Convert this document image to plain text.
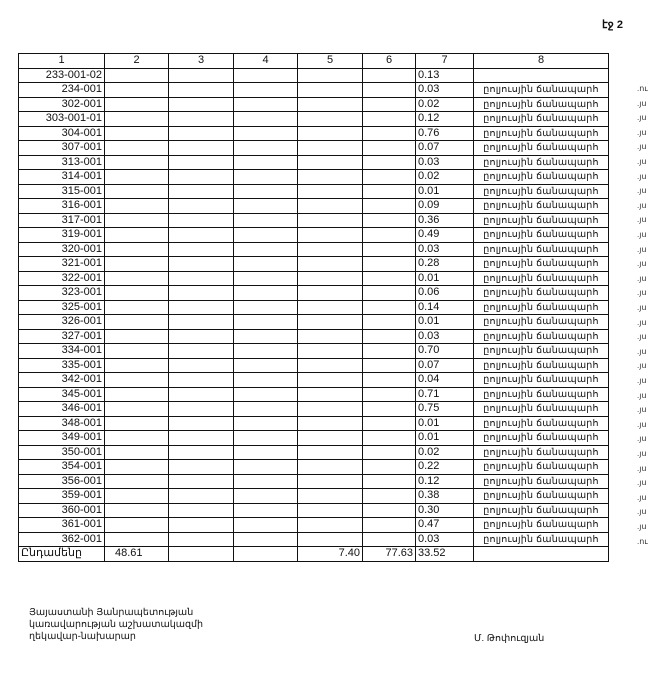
էջ 2
1	2	3	4	5	6	7	8
233-001-02						0.13	
234-001						0.03	ըոլյուսյին ճանապարհ
302-001						0.02	ըոլյուսյին ճանապարհ
303-001-01						0.12	ըոլյուսյին ճանապարհ
304-001						0.76	ըոլյուսյին ճանապարհ
307-001						0.07	ըոլյուսյին ճանապարհ
313-001						0.03	ըոլյուսյին ճանապարհ
314-001						0.02	ըոլյուսյին ճանապարհ
315-001						0.01	ըոլյուսյին ճանապարհ
316-001						0.09	ըոլյուսյին ճանապարհ
317-001						0.36	ըոլյուսյին ճանապարհ
319-001						0.49	ըոլյուսյին ճանապարհ
320-001						0.03	ըոլյուսյին ճանապարհ
321-001						0.28	ըոլյուսյին ճանապարհ
322-001						0.01	ըոլյուսյին ճանապարհ
323-001						0.06	ըոլյուսյին ճանապարհ
325-001						0.14	ըոլյուսյին ճանապարհ
326-001						0.01	ըոլյուսյին ճանապարհ
327-001						0.03	ըոլյուսյին ճանապարհ
334-001						0.70	ըոլյուսյին ճանապարհ
335-001						0.07	ըոլյուսյին ճանապարհ
342-001						0.04	ըոլյուսյին ճանապարհ
345-001						0.71	ըոլյուսյին ճանապարհ
346-001						0.75	ըոլյուսյին ճանապարհ
348-001						0.01	ըոլյուսյին ճանապարհ
349-001						0.01	ըոլյուսյին ճանապարհ
350-001						0.02	ըոլյուսյին ճանապարհ
354-001						0.22	ըոլյուսյին ճանապարհ
356-001						0.12	ըոլյուսյին ճանապարհ
359-001						0.38	ըոլյուսյին ճանապարհ
360-001						0.30	ըոլյուսյին ճանապարհ
361-001						0.47	ըոլյուսյին ճանապարհ
362-001						0.03	ըոլյուսյին ճանապարհ
Ընդամենը	48.61			7.40	77.63	33.52	
.ու
.յս
.յս
.յս
.յս
.յս
.յս
.յս
.յս
.յս
.յս
.յս
.յս
.յս
.յս
.յս
.յս
.յս
.յս
.յս
.յս
.յս
.յս
.յս
.յս
.յս
.յս
.յս
.յս
.յս
.յս
.ու
Յայաստանի Յանրապետության
կառավարության աշխատակազմի
ղեկավար-նախարար	Մ. Թոփուզյան
